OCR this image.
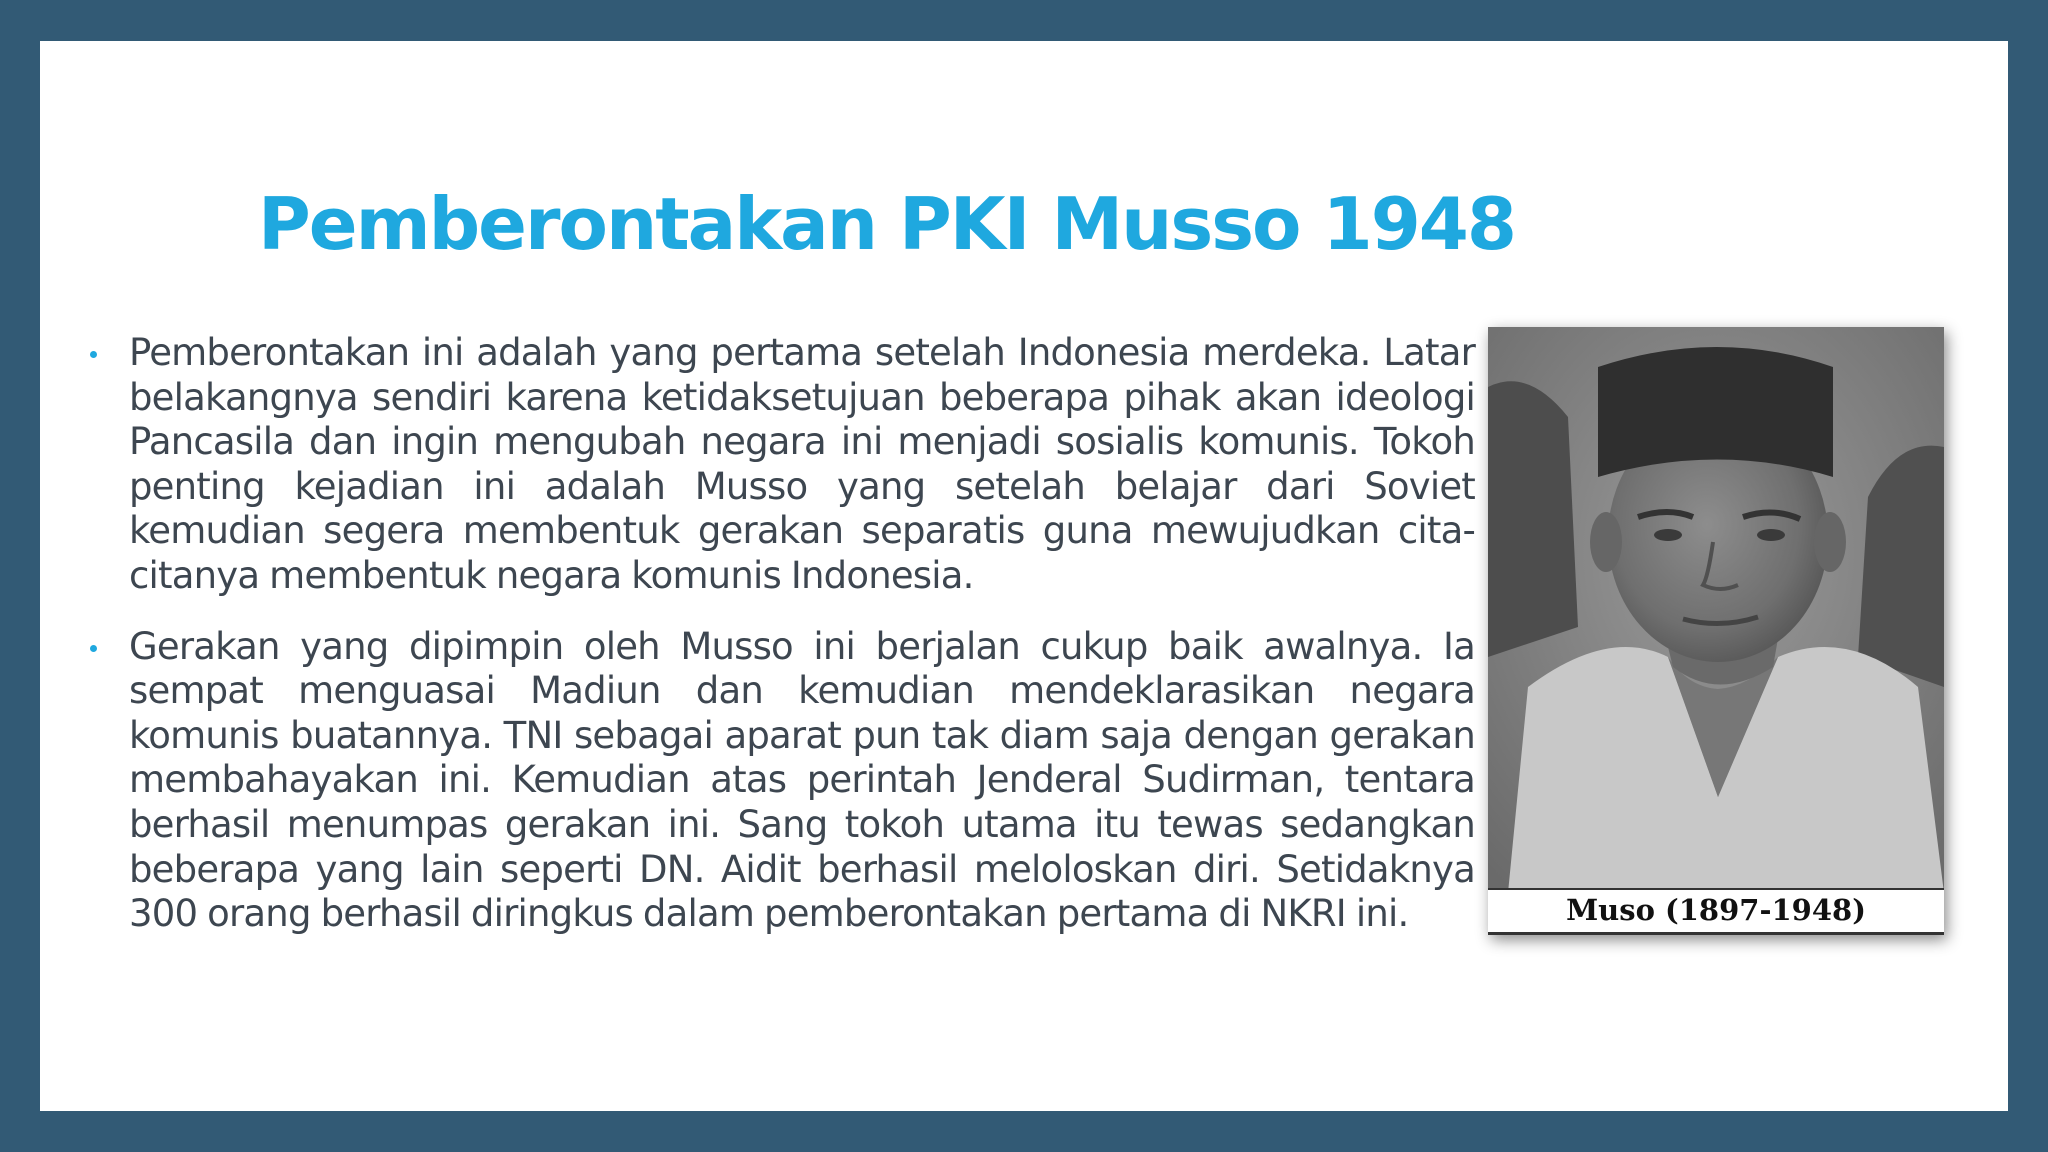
Pemberontakan PKI Musso 1948
Pemberontakan ini adalah yang pertama setelah Indonesia merdeka. Latar belakangnya sendiri karena ketidaksetujuan beberapa pihak akan ideologi Pancasila dan ingin mengubah negara ini menjadi sosialis komunis. Tokoh penting kejadian ini adalah Musso yang setelah belajar dari Soviet kemudian segera membentuk gerakan separatis guna mewujudkan cita-citanya membentuk negara komunis Indonesia.
Gerakan yang dipimpin oleh Musso ini berjalan cukup baik awalnya. Ia sempat menguasai Madiun dan kemudian mendeklarasikan negara komunis buatannya. TNI sebagai aparat pun tak diam saja dengan gerakan membahayakan ini. Kemudian atas perintah Jenderal Sudirman, tentara berhasil menumpas gerakan ini. Sang tokoh utama itu tewas sedangkan beberapa yang lain seperti DN. Aidit berhasil meloloskan diri. Setidaknya 300 orang berhasil diringkus dalam pemberontakan pertama di NKRI ini.	Muso (1897-1948)
